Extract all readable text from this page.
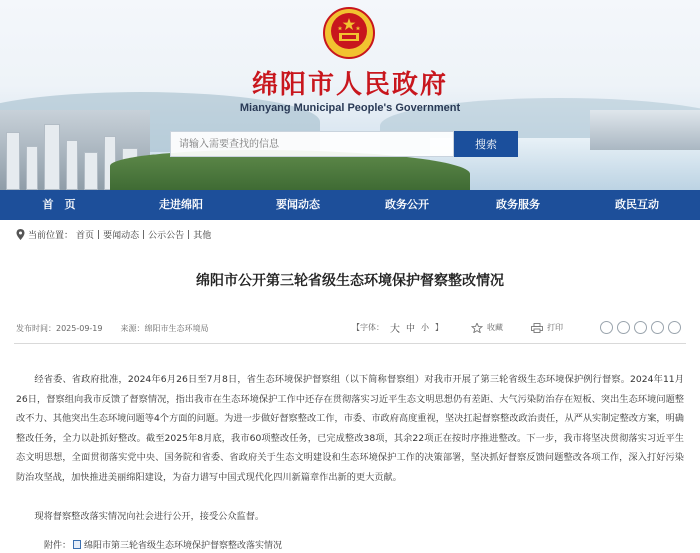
绵阳市人民政府
Mianyang Municipal People's Government
请输入需要查找的信息
搜索
首　页	走进绵阳	要闻动态	政务公开	政务服务	政民互动
当前位置： 首页 | 要闻动态 | 公示公告 | 其他
绵阳市公开第三轮省级生态环境保护督察整改情况
发布时间：2025-09-19 来源：绵阳市生态环境局	【字体： 大 中 小 】	收藏	打印

经省委、省政府批准，2024年6月26日至7月8日，省生态环境保护督察组（以下简称督察组）对我市开展了第三轮省级生态环境保护例行督察。2024年11月26日，督察组向我市反馈了督察情况，指出我市在生态环境保护工作中还存在贯彻落实习近平生态文明思想仍有差距、大气污染防治存在短板、突出生态环境问题整改不力、其他突出生态环境问题等4个方面的问题。为进一步做好督察整改工作，市委、市政府高度重视，坚决扛起督察整改政治责任，从严从实制定整改方案，明确整改任务，全力以赴抓好整改。截至2025年8月底，我市60项整改任务，已完成整改38项，其余22项正在按时序推进整改。下一步，我市将坚决贯彻落实习近平生态文明思想，全面贯彻落实党中央、国务院和省委、省政府关于生态文明建设和生态环境保护工作的决策部署，坚决抓好督察反馈问题整改各项工作，深入打好污染防治攻坚战，加快推进美丽绵阳建设，为奋力谱写中国式现代化四川新篇章作出新的更大贡献。

现将督察整改落实情况向社会进行公开，接受公众监督。

附件： 绵阳市第三轮省级生态环境保护督察整改落实情况
